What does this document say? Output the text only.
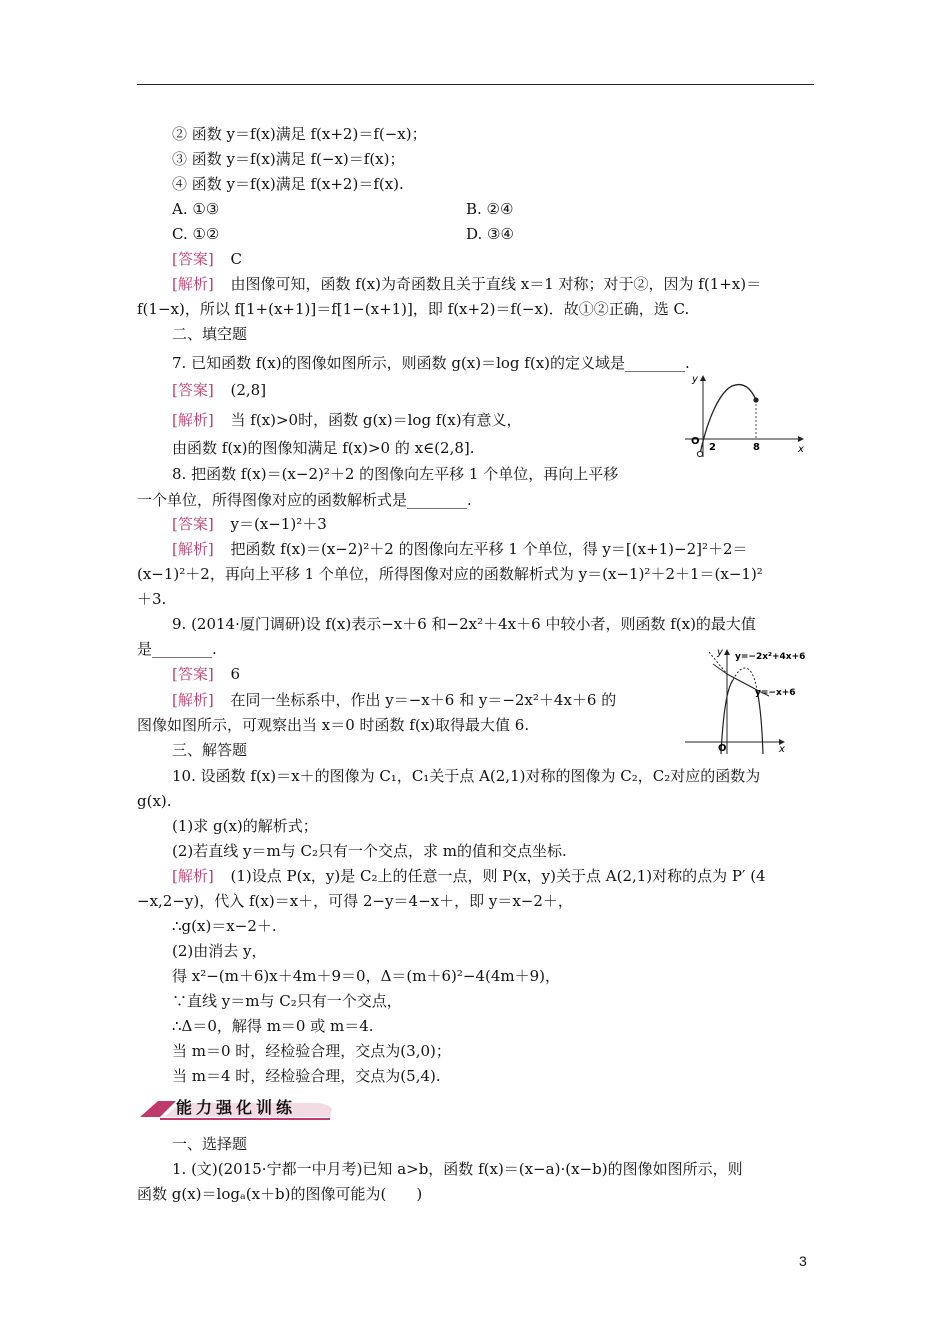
② 函数 y＝f(x)满足 f(x+2)＝f(−x)；
③ 函数 y＝f(x)满足 f(−x)＝f(x)；
④ 函数 y＝f(x)满足 f(x+2)＝f(x).
A. ①③	B. ②④
C. ①②	D. ③④
[答案] C
[解析] 由图像可知，函数 f(x)为奇函数且关于直线 x＝1 对称；对于②，因为 f(1+x)＝
f(1−x)，所以 f[1+(x+1)]＝f[1−(x+1)]，即 f(x+2)＝f(−x)．故①②正确，选 C.
二、填空题
7. 已知函数 f(x)的图像如图所示，则函数 g(x)＝log f(x)的定义域是________.
[答案] (2,8]
[解析] 当 f(x)>0时，函数 g(x)＝log f(x)有意义，
由函数 f(x)的图像知满足 f(x)>0 的 x∈(2,8].
y
x
O
2	8
8. 把函数 f(x)＝(x−2)²＋2 的图像向左平移 1 个单位，再向上平移
一个单位，所得图像对应的函数解析式是________.
[答案] y＝(x−1)²＋3
[解析] 把函数 f(x)＝(x−2)²＋2 的图像向左平移 1 个单位，得 y＝[(x+1)−2]²＋2＝
(x−1)²＋2，再向上平移 1 个单位，所得图像对应的函数解析式为 y＝(x−1)²＋2＋1＝(x−1)²
＋3.
9. (2014·厦门调研)设 f(x)表示−x＋6 和−2x²＋4x＋6 中较小者，则函数 f(x)的最大值
是________.
[答案] 6
[解析] 在同一坐标系中，作出 y＝−x＋6 和 y＝−2x²＋4x＋6 的
图像如图所示，可观察出当 x＝0 时函数 f(x)取得最大值 6.
y
x
O
y=−2x²+4x+6
y=−x+6
三、解答题
10. 设函数 f(x)＝x＋的图像为 C₁，C₁关于点 A(2,1)对称的图像为 C₂，C₂对应的函数为
g(x).
(1)求 g(x)的解析式；
(2)若直线 y＝m与 C₂只有一个交点，求 m的值和交点坐标.
[解析] (1)设点 P(x，y)是 C₂上的任意一点，则 P(x，y)关于点 A(2,1)对称的点为 P′ (4
−x,2−y)，代入 f(x)＝x＋，可得 2−y＝4−x＋，即 y＝x−2＋，
∴g(x)＝x−2＋.
(2)由消去 y，
得 x²−(m＋6)x＋4m＋9＝0，Δ＝(m＋6)²−4(4m＋9)，
∵直线 y＝m与 C₂只有一个交点，
∴Δ＝0，解得 m＝0 或 m＝4.
当 m＝0 时，经检验合理，交点为(3,0)；
当 m＝4 时，经检验合理，交点为(5,4).
能力强化训练
一、选择题
1. (文)(2015·宁都一中月考)已知 a>b，函数 f(x)＝(x−a)·(x−b)的图像如图所示，则
函数 g(x)＝logₐ(x＋b)的图像可能为(　　)
3
